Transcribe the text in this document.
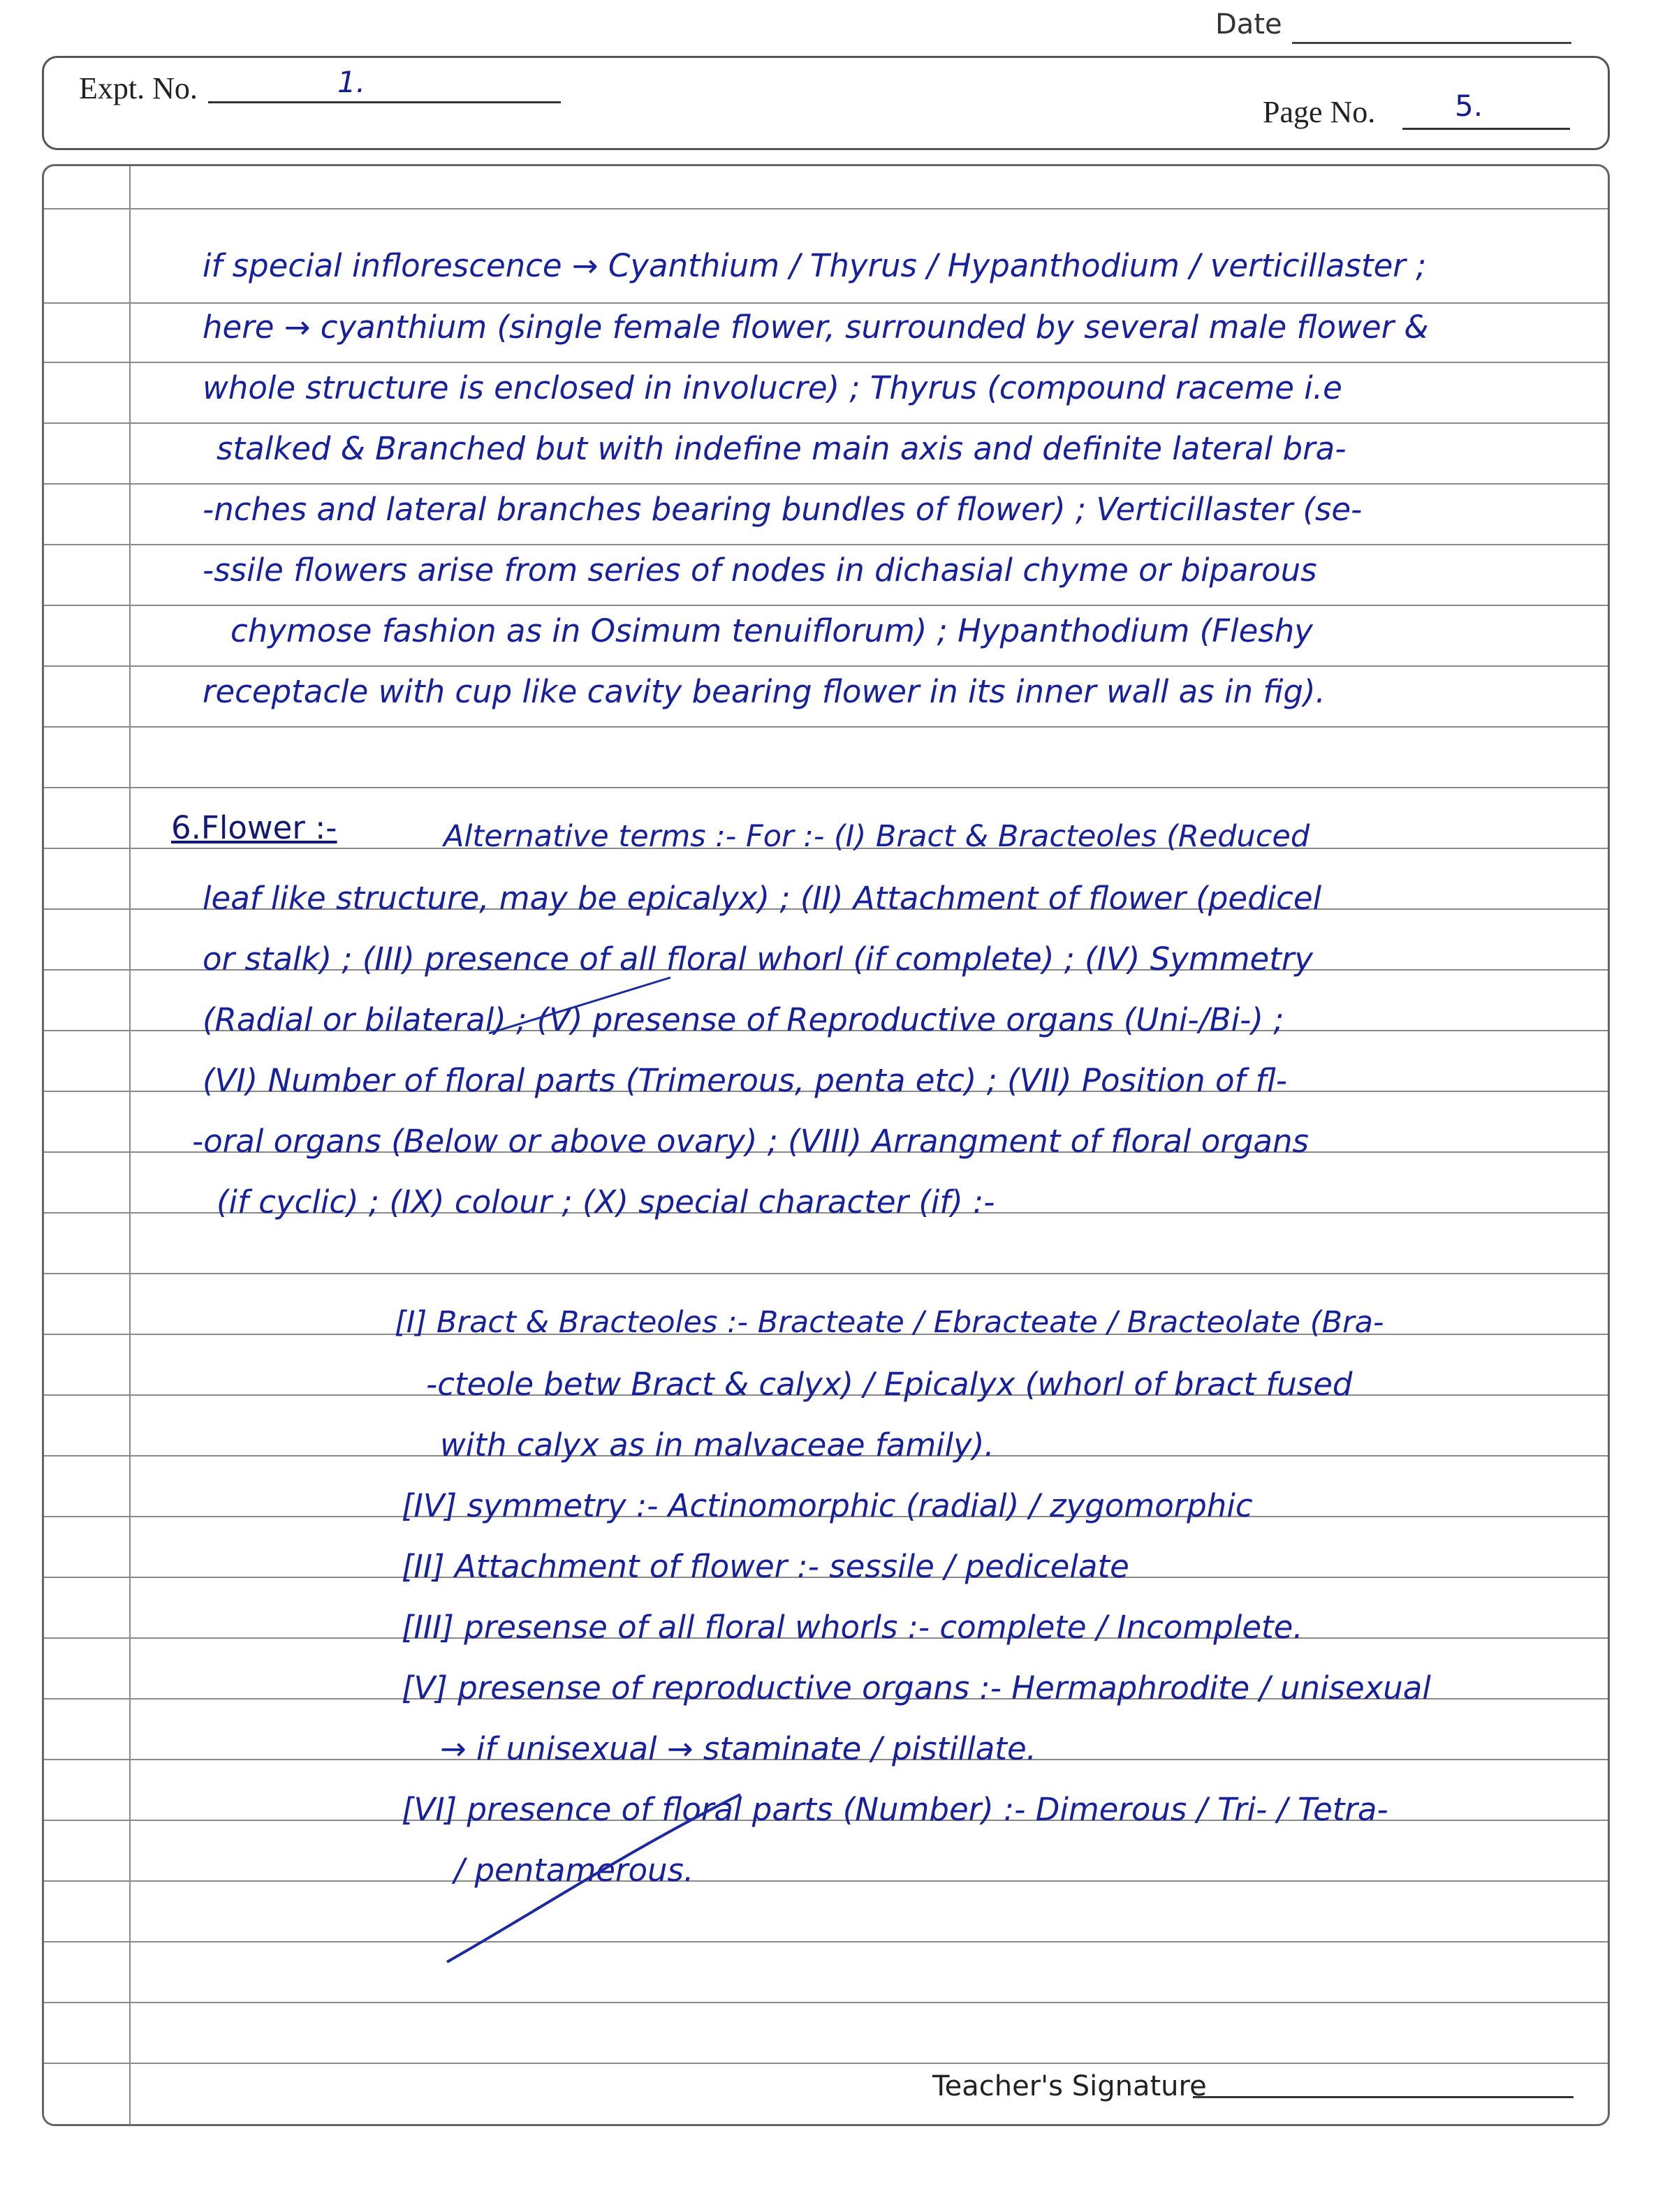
Date
Expt. No.	1.
Page No.	5.
if special inflorescence → Cyanthium / Thyrus / Hypanthodium / verticillaster ;
here → cyanthium (single female flower, surrounded by several male flower &
whole structure is enclosed in involucre) ; Thyrus (compound raceme i.e
stalked & Branched but with indefine main axis and definite lateral bra-
-nches and lateral branches bearing bundles of flower) ; Verticillaster (se-
-ssile flowers arise from series of nodes in dichasial chyme or biparous
chymose fashion as in Osimum tenuiflorum) ; Hypanthodium (Fleshy
receptacle with cup like cavity bearing flower in its inner wall as in fig).
6.Flower :-	Alternative terms :- For :- (I) Bract & Bracteoles (Reduced
leaf like structure, may be epicalyx) ; (II) Attachment of flower (pedicel
or stalk) ; (III) presence of all floral whorl (if complete) ; (IV) Symmetry
(Radial or bilateral) ; (V) presense of Reproductive organs (Uni-/Bi-) ;
(VI) Number of floral parts (Trimerous, penta etc) ; (VII) Position of fl-
-oral organs (Below or above ovary) ; (VIII) Arrangment of floral organs
(if cyclic) ; (IX) colour ; (X) special character (if) :-
[I] Bract & Bracteoles :- Bracteate / Ebracteate / Bracteolate (Bra-
-cteole betw Bract & calyx) / Epicalyx (whorl of bract fused
with calyx as in malvaceae family).
[IV] symmetry :- Actinomorphic (radial) / zygomorphic
[II] Attachment of flower :- sessile / pedicelate
[III] presense of all floral whorls :- complete / Incomplete.
[V] presense of reproductive organs :- Hermaphrodite / unisexual
→ if unisexual → staminate / pistillate.
[VI] presence of floral parts (Number) :- Dimerous / Tri- / Tetra-
/ pentamerous.
Teacher's Signature
